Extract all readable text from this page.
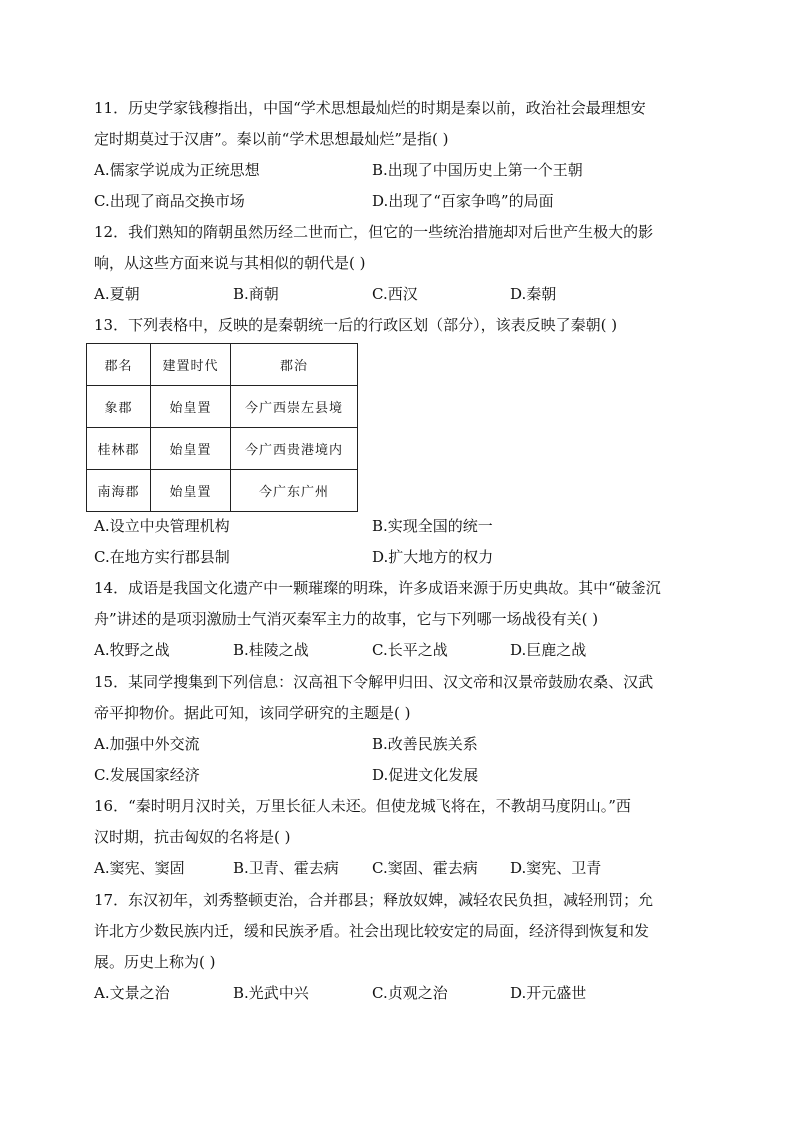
11．历史学家钱穆指出，中国“学术思想最灿烂的时期是秦以前，政治社会最理想安
定时期莫过于汉唐”。秦以前“学术思想最灿烂”是指( )
A.儒家学说成为正统思想	B.出现了中国历史上第一个王朝
C.出现了商品交换市场	D.出现了“百家争鸣”的局面
12．我们熟知的隋朝虽然历经二世而亡，但它的一些统治措施却对后世产生极大的影
响，从这些方面来说与其相似的朝代是( )
A.夏朝	B.商朝	C.西汉	D.秦朝
13．下列表格中，反映的是秦朝统一后的行政区划（部分），该表反映了秦朝( )
郡名	建置时代	郡治
象郡	始皇置	今广西崇左县境
桂林郡	始皇置	今广西贵港境内
南海郡	始皇置	今广东广州
A.设立中央管理机构	B.实现全国的统一
C.在地方实行郡县制	D.扩大地方的权力
14．成语是我国文化遗产中一颗璀璨的明珠，许多成语来源于历史典故。其中“破釜沉
舟”讲述的是项羽激励士气消灭秦军主力的故事，它与下列哪一场战役有关( )
A.牧野之战	B.桂陵之战	C.长平之战	D.巨鹿之战
15．某同学搜集到下列信息：汉高祖下令解甲归田、汉文帝和汉景帝鼓励农桑、汉武
帝平抑物价。据此可知，该同学研究的主题是( )
A.加强中外交流	B.改善民族关系
C.发展国家经济	D.促进文化发展
16．“秦时明月汉时关，万里长征人未还。但使龙城飞将在，不教胡马度阴山。”西
汉时期，抗击匈奴的名将是( )
A.窦宪、窦固	B.卫青、霍去病 C.窦固、霍去病 D.窦宪、卫青
17．东汉初年，刘秀整顿吏治，合并郡县；释放奴婢，减轻农民负担，减轻刑罚；允
许北方少数民族内迁，缓和民族矛盾。社会出现比较安定的局面，经济得到恢复和发
展。历史上称为( )
A.文景之治	B.光武中兴	C.贞观之治	D.开元盛世
